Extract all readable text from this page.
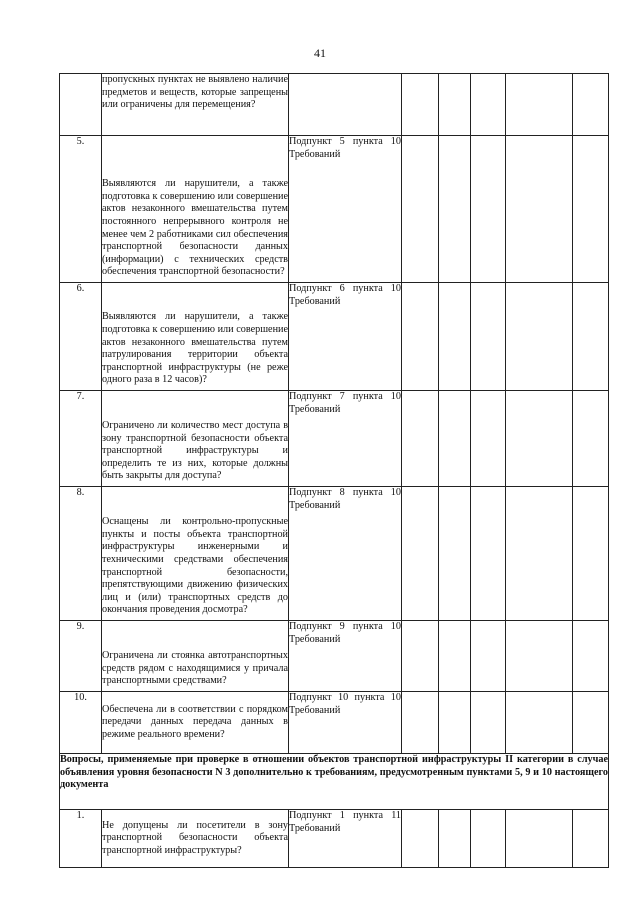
41
	пропускных пунктах не выявлено наличие предметов и веществ, которые запрещены или ограничены для перемещения?						
5.	Выявляются ли нарушители, а также подготовка к совершению или совершение актов незаконного вмешательства путем постоянного непрерывного контроля не менее чем 2 работниками сил обеспечения транспортной безопасности данных (информации) с технических средств обеспечения транспортной безопасности?	Подпункт 5 пункта 10 Требований					
6.	Выявляются ли нарушители, а также подготовка к совершению или совершение актов незаконного вмешательства путем патрулирования территории объекта транспортной инфраструктуры (не реже одного раза в 12 часов)?	Подпункт 6 пункта 10 Требований					
7.	Ограничено ли количество мест доступа в зону транспортной безопасности объекта транспортной инфраструктуры и определить те из них, которые должны быть закрыты для доступа?	Подпункт 7 пункта 10 Требований					
8.	Оснащены ли контрольно-пропускные пункты и посты объекта транспортной инфраструктуры инженерными и техническими средствами обеспечения транспортной безопасности, препятствующими движению физических лиц и (или) транспортных средств до окончания проведения досмотра?	Подпункт 8 пункта 10 Требований					
9.	Ограничена ли стоянка автотранспортных средств рядом с находящимися у причала транспортными средствами?	Подпункт 9 пункта 10 Требований					
10.	Обеспечена ли в соответствии с порядком передачи данных передача данных в режиме реального времени?	Подпункт 10 пункта 10 Требований					
Вопросы, применяемые при проверке в отношении объектов транспортной инфраструктуры II категории в случае объявления уровня безопасности N 3 дополнительно к требованиям, предусмотренным пунктами 5, 9 и 10 настоящего документа							
1.	Не допущены ли посетители в зону транспортной безопасности объекта транспортной инфраструктуры?	Подпункт 1 пункта 11 Требований					
